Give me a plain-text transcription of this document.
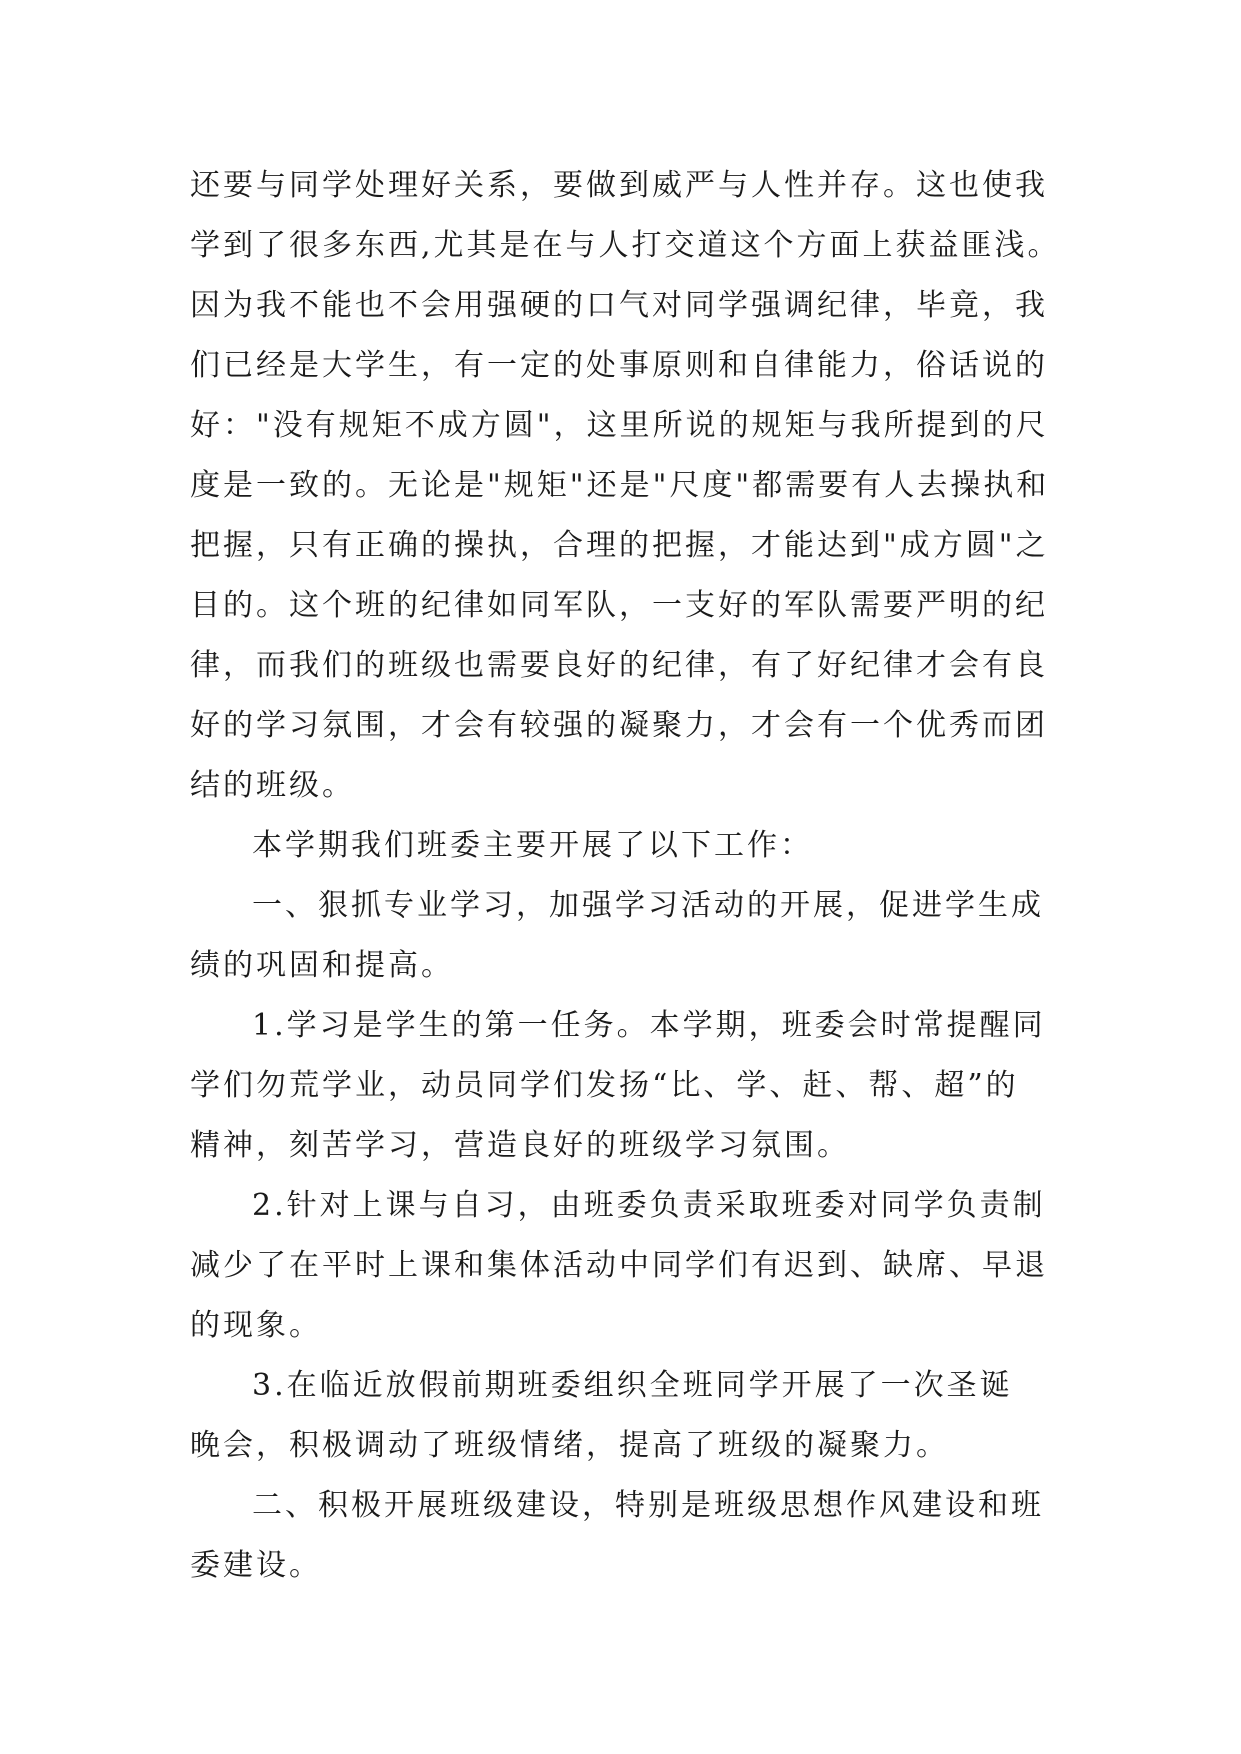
还要与同学处理好关系，要做到威严与人性并存。这也使我

学到了很多东西,尤其是在与人打交道这个方面上获益匪浅。

因为我不能也不会用强硬的口气对同学强调纪律，毕竟，我

们已经是大学生，有一定的处事原则和自律能力，俗话说的

好："没有规矩不成方圆"，这里所说的规矩与我所提到的尺

度是一致的。无论是"规矩"还是"尺度"都需要有人去操执和

把握，只有正确的操执，合理的把握，才能达到"成方圆"之

目的。这个班的纪律如同军队，一支好的军队需要严明的纪

律，而我们的班级也需要良好的纪律，有了好纪律才会有良

好的学习氛围，才会有较强的凝聚力，才会有一个优秀而团

结的班级。

本学期我们班委主要开展了以下工作：

一、狠抓专业学习，加强学习活动的开展，促进学生成

绩的巩固和提高。

1.学习是学生的第一任务。本学期，班委会时常提醒同

学们勿荒学业，动员同学们发扬“比、学、赶、帮、超”的

精神，刻苦学习，营造良好的班级学习氛围。

2.针对上课与自习，由班委负责采取班委对同学负责制

减少了在平时上课和集体活动中同学们有迟到、缺席、早退

的现象。

3.在临近放假前期班委组织全班同学开展了一次圣诞

晚会，积极调动了班级情绪，提高了班级的凝聚力。

二、积极开展班级建设，特别是班级思想作风建设和班

委建设。
